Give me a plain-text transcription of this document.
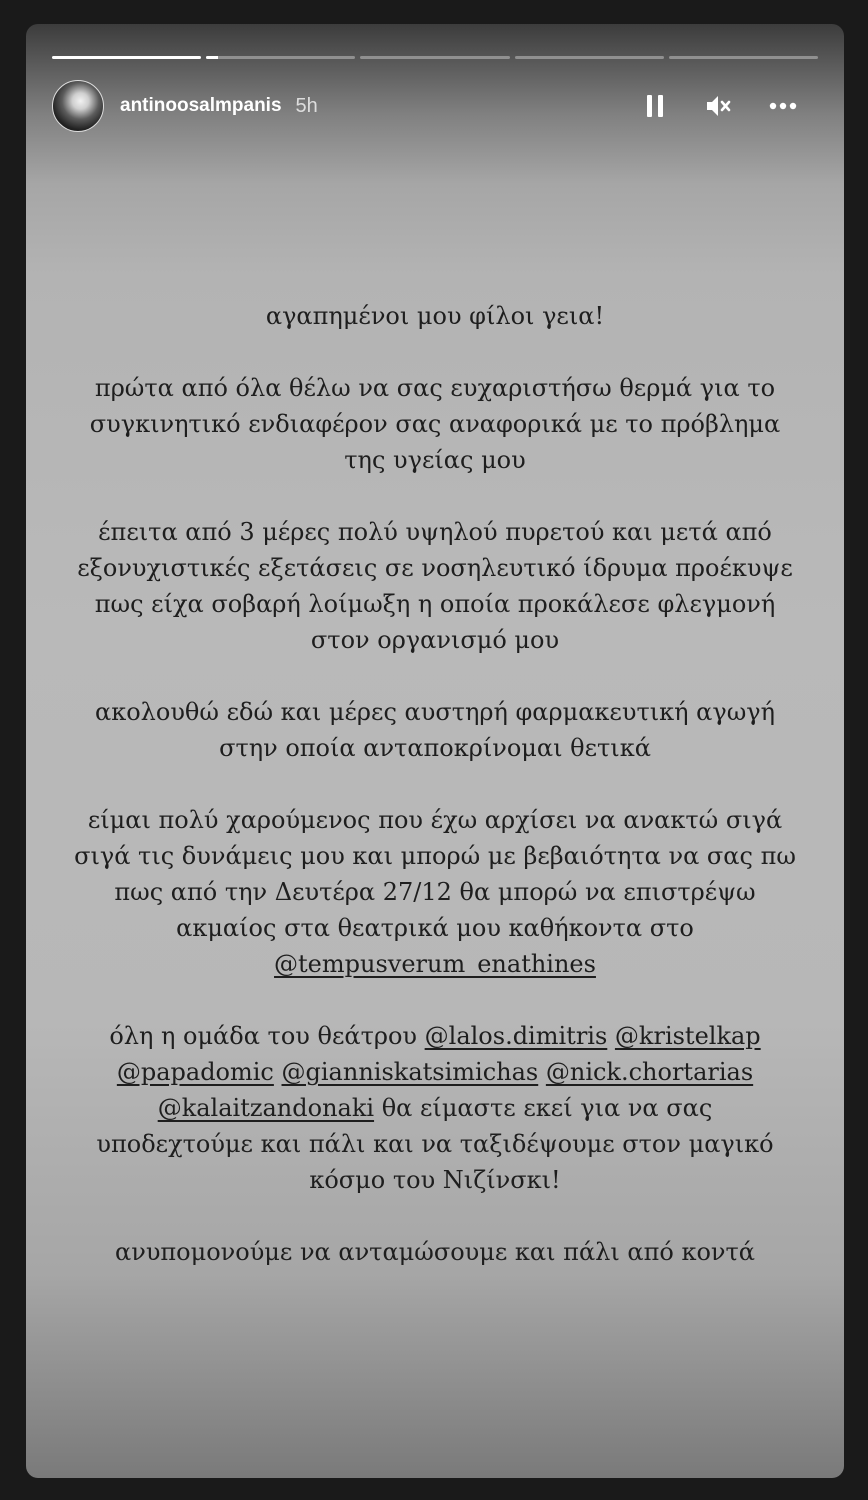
antinoosalmpanis 5h
αγαπημένοι μου φίλοι γεια!
πρώτα από όλα θέλω να σας ευχαριστήσω θερμά για το
συγκινητικό ενδιαφέρον σας αναφορικά με το πρόβλημα
της υγείας μου
έπειτα από 3 μέρες πολύ υψηλού πυρετού και μετά από
εξονυχιστικές εξετάσεις σε νοσηλευτικό ίδρυμα προέκυψε
πως είχα σοβαρή λοίμωξη η οποία προκάλεσε φλεγμονή
στον οργανισμό μου
ακολουθώ εδώ και μέρες αυστηρή φαρμακευτική αγωγή
στην οποία ανταποκρίνομαι θετικά
είμαι πολύ χαρούμενος που έχω αρχίσει να ανακτώ σιγά
σιγά τις δυνάμεις μου και μπορώ με βεβαιότητα να σας πω
πως από την Δευτέρα 27/12 θα μπορώ να επιστρέψω
ακμαίος στα θεατρικά μου καθήκοντα στο
@tempusverum_enathines
όλη η ομάδα του θεάτρου @lalos.dimitris @kristelkap
@papadomic @gianniskatsimichas @nick.chortarias
@kalaitzandonaki θα είμαστε εκεί για να σας
υποδεχτούμε και πάλι και να ταξιδέψουμε στον μαγικό
κόσμο του Νιζίνσκι!
ανυπομονούμε να ανταμώσουμε και πάλι από κοντά
